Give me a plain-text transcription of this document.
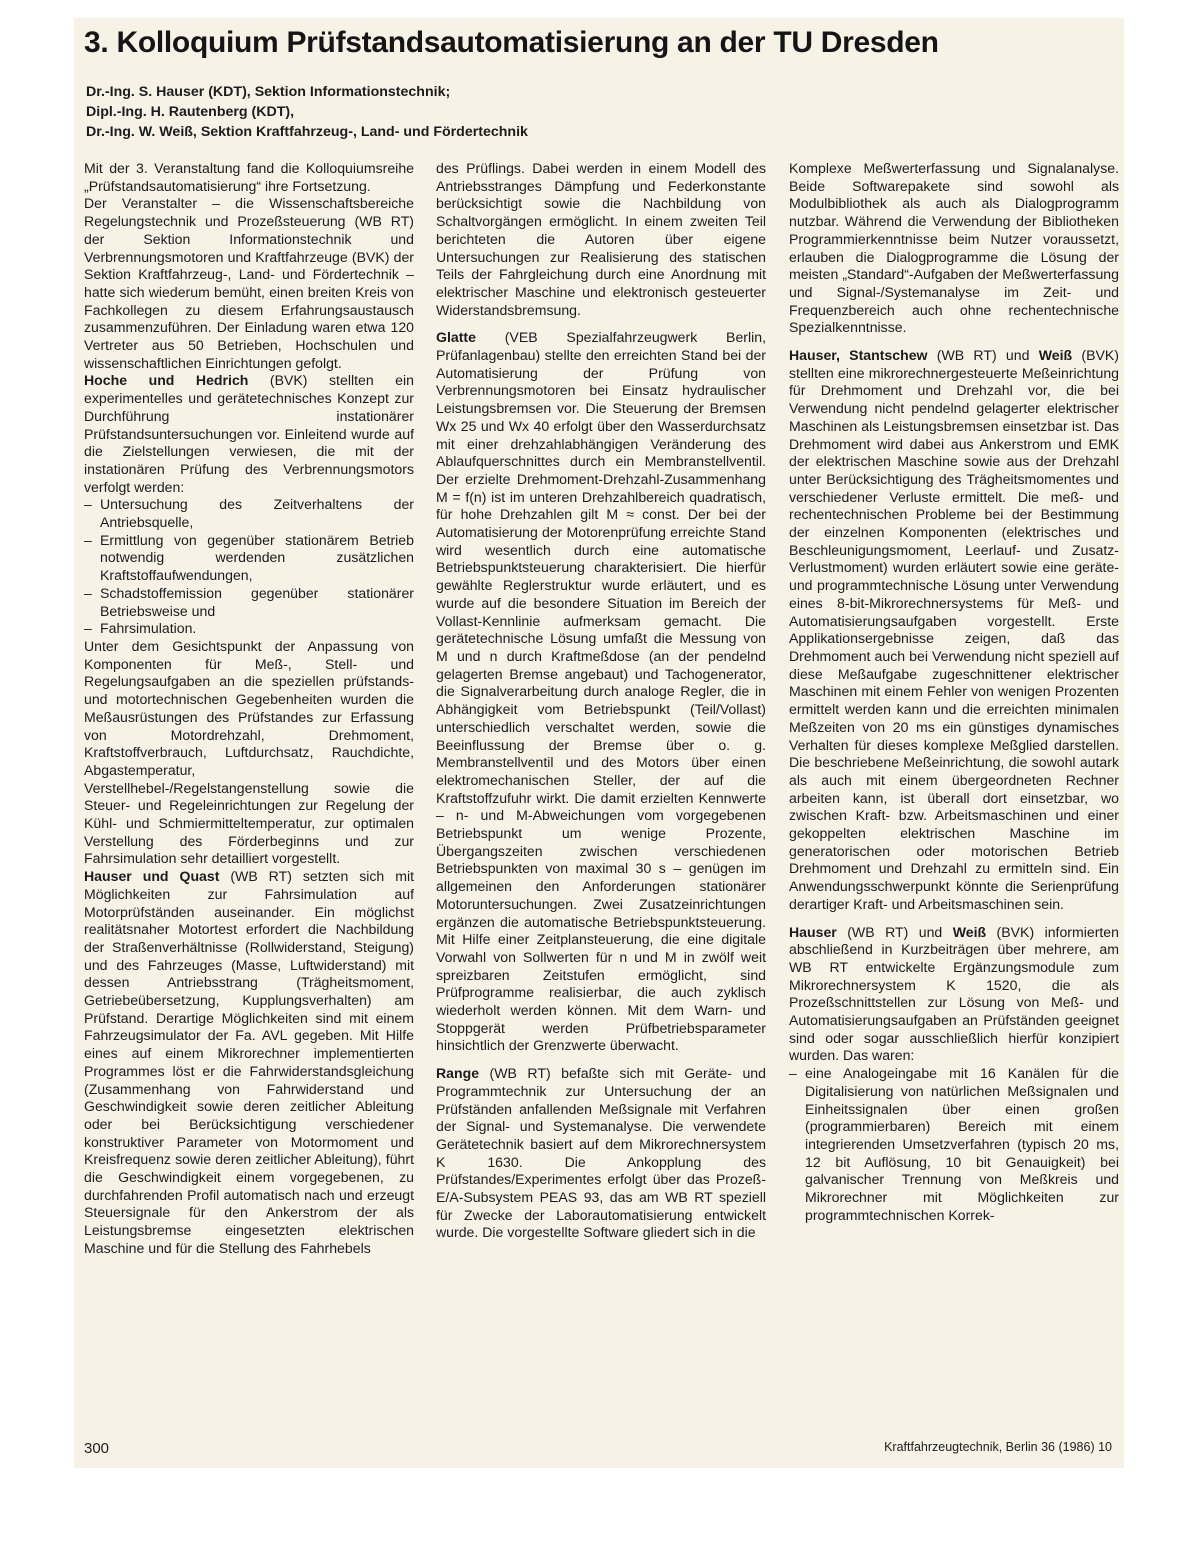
3. Kolloquium Prüfstandsautomatisierung an der TU Dresden
Dr.-Ing. S. Hauser (KDT), Sektion Informationstechnik;
Dipl.-Ing. H. Rautenberg (KDT),
Dr.-Ing. W. Weiß, Sektion Kraftfahrzeug-, Land- und Fördertechnik

Mit der 3. Veranstaltung fand die Kolloquiumsreihe „Prüfstandsautomatisierung“ ihre Fortsetzung.

Der Veranstalter – die Wissenschaftsbereiche Regelungstechnik und Prozeßsteuerung (WB RT) der Sektion Informationstechnik und Verbrennungsmotoren und Kraftfahrzeuge (BVK) der Sektion Kraftfahrzeug-, Land- und Fördertechnik – hatte sich wiederum bemüht, einen breiten Kreis von Fachkollegen zu diesem Erfahrungsaustausch zusammenzuführen. Der Einladung waren etwa 120 Vertreter aus 50 Betrieben, Hochschulen und wissenschaftlichen Einrichtungen gefolgt.

Hoche und Hedrich (BVK) stellten ein experimentelles und gerätetechnisches Konzept zur Durchführung instationärer Prüfstandsuntersuchungen vor. Einleitend wurde auf die Zielstellungen verwiesen, die mit der instationären Prüfung des Verbrennungsmotors verfolgt werden:

– Untersuchung des Zeitverhaltens der Antriebsquelle,
– Ermittlung von gegenüber stationärem Betrieb notwendig werdenden zusätzlichen Kraftstoffaufwendungen,
– Schadstoffemission gegenüber stationärer Betriebsweise und
– Fahrsimulation.

Unter dem Gesichtspunkt der Anpassung von Komponenten für Meß-, Stell- und Regelungsaufgaben an die speziellen prüfstands- und motortechnischen Gegebenheiten wurden die Meßausrüstungen des Prüfstandes zur Erfassung von Motordrehzahl, Drehmoment, Kraftstoffverbrauch, Luftdurchsatz, Rauchdichte, Abgastemperatur, Verstellhebel-/Regelstangenstellung sowie die Steuer- und Regeleinrichtungen zur Regelung der Kühl- und Schmiermitteltemperatur, zur optimalen Verstellung des Förderbeginns und zur Fahrsimulation sehr detailliert vorgestellt.

Hauser und Quast (WB RT) setzten sich mit Möglichkeiten zur Fahrsimulation auf Motorprüfständen auseinander. Ein möglichst realitätsnaher Motortest erfordert die Nachbildung der Straßenverhältnisse (Rollwiderstand, Steigung) und des Fahrzeuges (Masse, Luftwiderstand) mit dessen Antriebsstrang (Trägheitsmoment, Getriebeübersetzung, Kupplungsverhalten) am Prüfstand. Derartige Möglichkeiten sind mit einem Fahrzeugsimulator der Fa. AVL gegeben. Mit Hilfe eines auf einem Mikrorechner implementierten Programmes löst er die Fahrwiderstandsgleichung (Zusammenhang von Fahrwiderstand und Geschwindigkeit sowie deren zeitlicher Ableitung oder bei Berücksichtigung verschiedener konstruktiver Parameter von Motormoment und Kreisfrequenz sowie deren zeitlicher Ableitung), führt die Geschwindigkeit einem vorgegebenen, zu durchfahrenden Profil automatisch nach und erzeugt Steuersignale für den Ankerstrom der als Leistungsbremse eingesetzten elektrischen Maschine und für die Stellung des Fahrhebels

des Prüflings. Dabei werden in einem Modell des Antriebsstranges Dämpfung und Federkonstante berücksichtigt sowie die Nachbildung von Schaltvorgängen ermöglicht. In einem zweiten Teil berichteten die Autoren über eigene Untersuchungen zur Realisierung des statischen Teils der Fahrgleichung durch eine Anordnung mit elektrischer Maschine und elektronisch gesteuerter Widerstandsbremsung.

Glatte (VEB Spezialfahrzeugwerk Berlin, Prüfanlagenbau) stellte den erreichten Stand bei der Automatisierung der Prüfung von Verbrennungsmotoren bei Einsatz hydraulischer Leistungsbremsen vor. Die Steuerung der Bremsen Wx 25 und Wx 40 erfolgt über den Wasserdurchsatz mit einer drehzahlabhängigen Veränderung des Ablaufquerschnittes durch ein Membranstellventil. Der erzielte Drehmoment-Drehzahl-Zusammenhang M = f(n) ist im unteren Drehzahlbereich quadratisch, für hohe Drehzahlen gilt M ≈ const. Der bei der Automatisierung der Motorenprüfung erreichte Stand wird wesentlich durch eine automatische Betriebspunktsteuerung charakterisiert. Die hierfür gewählte Reglerstruktur wurde erläutert, und es wurde auf die besondere Situation im Bereich der Vollast-Kennlinie aufmerksam gemacht. Die gerätetechnische Lösung umfaßt die Messung von M und n durch Kraftmeßdose (an der pendelnd gelagerten Bremse angebaut) und Tachogenerator, die Signalverarbeitung durch analoge Regler, die in Abhängigkeit vom Betriebspunkt (Teil/Vollast) unterschiedlich verschaltet werden, sowie die Beeinflussung der Bremse über o. g. Membranstellventil und des Motors über einen elektromechanischen Steller, der auf die Kraftstoffzufuhr wirkt. Die damit erzielten Kennwerte – n- und M-Abweichungen vom vorgegebenen Betriebspunkt um wenige Prozente, Übergangszeiten zwischen verschiedenen Betriebspunkten von maximal 30 s – genügen im allgemeinen den Anforderungen stationärer Motoruntersuchungen. Zwei Zusatzeinrichtungen ergänzen die automatische Betriebspunktsteuerung. Mit Hilfe einer Zeitplansteuerung, die eine digitale Vorwahl von Sollwerten für n und M in zwölf weit spreizbaren Zeitstufen ermöglicht, sind Prüfprogramme realisierbar, die auch zyklisch wiederholt werden können. Mit dem Warn- und Stoppgerät werden Prüfbetriebsparameter hinsichtlich der Grenzwerte überwacht.

Range (WB RT) befaßte sich mit Geräte- und Programmtechnik zur Untersuchung der an Prüfständen anfallenden Meßsignale mit Verfahren der Signal- und Systemanalyse. Die verwendete Gerätetechnik basiert auf dem Mikrorechnersystem K 1630. Die Ankopplung des Prüfstandes/Experimentes erfolgt über das Prozeß-E/A-Subsystem PEAS 93, das am WB RT speziell für Zwecke der Laborautomatisierung entwickelt wurde. Die vorgestellte Software gliedert sich in die

Komplexe Meßwerterfassung und Signalanalyse. Beide Softwarepakete sind sowohl als Modulbibliothek als auch als Dialogprogramm nutzbar. Während die Verwendung der Bibliotheken Programmierkenntnisse beim Nutzer voraussetzt, erlauben die Dialogprogramme die Lösung der meisten „Standard“-Aufgaben der Meßwerterfassung und Signal-/Systemanalyse im Zeit- und Frequenzbereich auch ohne rechentechnische Spezialkenntnisse.

Hauser, Stantschew (WB RT) und Weiß (BVK) stellten eine mikrorechnergesteuerte Meßeinrichtung für Drehmoment und Drehzahl vor, die bei Verwendung nicht pendelnd gelagerter elektrischer Maschinen als Leistungsbremsen einsetzbar ist. Das Drehmoment wird dabei aus Ankerstrom und EMK der elektrischen Maschine sowie aus der Drehzahl unter Berücksichtigung des Trägheitsmomentes und verschiedener Verluste ermittelt. Die meß- und rechentechnischen Probleme bei der Bestimmung der einzelnen Komponenten (elektrisches und Beschleunigungsmoment, Leerlauf- und Zusatz-Verlustmoment) wurden erläutert sowie eine geräte- und programmtechnische Lösung unter Verwendung eines 8-bit-Mikrorechnersystems für Meß- und Automatisierungsaufgaben vorgestellt. Erste Applikationsergebnisse zeigen, daß das Drehmoment auch bei Verwendung nicht speziell auf diese Meßaufgabe zugeschnittener elektrischer Maschinen mit einem Fehler von wenigen Prozenten ermittelt werden kann und die erreichten minimalen Meßzeiten von 20 ms ein günstiges dynamisches Verhalten für dieses komplexe Meßglied darstellen. Die beschriebene Meßeinrichtung, die sowohl autark als auch mit einem übergeordneten Rechner arbeiten kann, ist überall dort einsetzbar, wo zwischen Kraft- bzw. Arbeitsmaschinen und einer gekoppelten elektrischen Maschine im generatorischen oder motorischen Betrieb Drehmoment und Drehzahl zu ermitteln sind. Ein Anwendungsschwerpunkt könnte die Serienprüfung derartiger Kraft- und Arbeitsmaschinen sein.

Hauser (WB RT) und Weiß (BVK) informierten abschließend in Kurzbeiträgen über mehrere, am WB RT entwickelte Ergänzungsmodule zum Mikrorechnersystem K 1520, die als Prozeßschnittstellen zur Lösung von Meß- und Automatisierungsaufgaben an Prüfständen geeignet sind oder sogar ausschließlich hierfür konzipiert wurden. Das waren:

– eine Analogeingabe mit 16 Kanälen für die Digitalisierung von natürlichen Meßsignalen und Einheitssignalen über einen großen (programmierbaren) Bereich mit einem integrierenden Umsetzverfahren (typisch 20 ms, 12 bit Auflösung, 10 bit Genauigkeit) bei galvanischer Trennung von Meßkreis und Mikrorechner mit Möglichkeiten zur programmtechnischen Korrek-
300	Kraftfahrzeugtechnik, Berlin 36 (1986) 10
